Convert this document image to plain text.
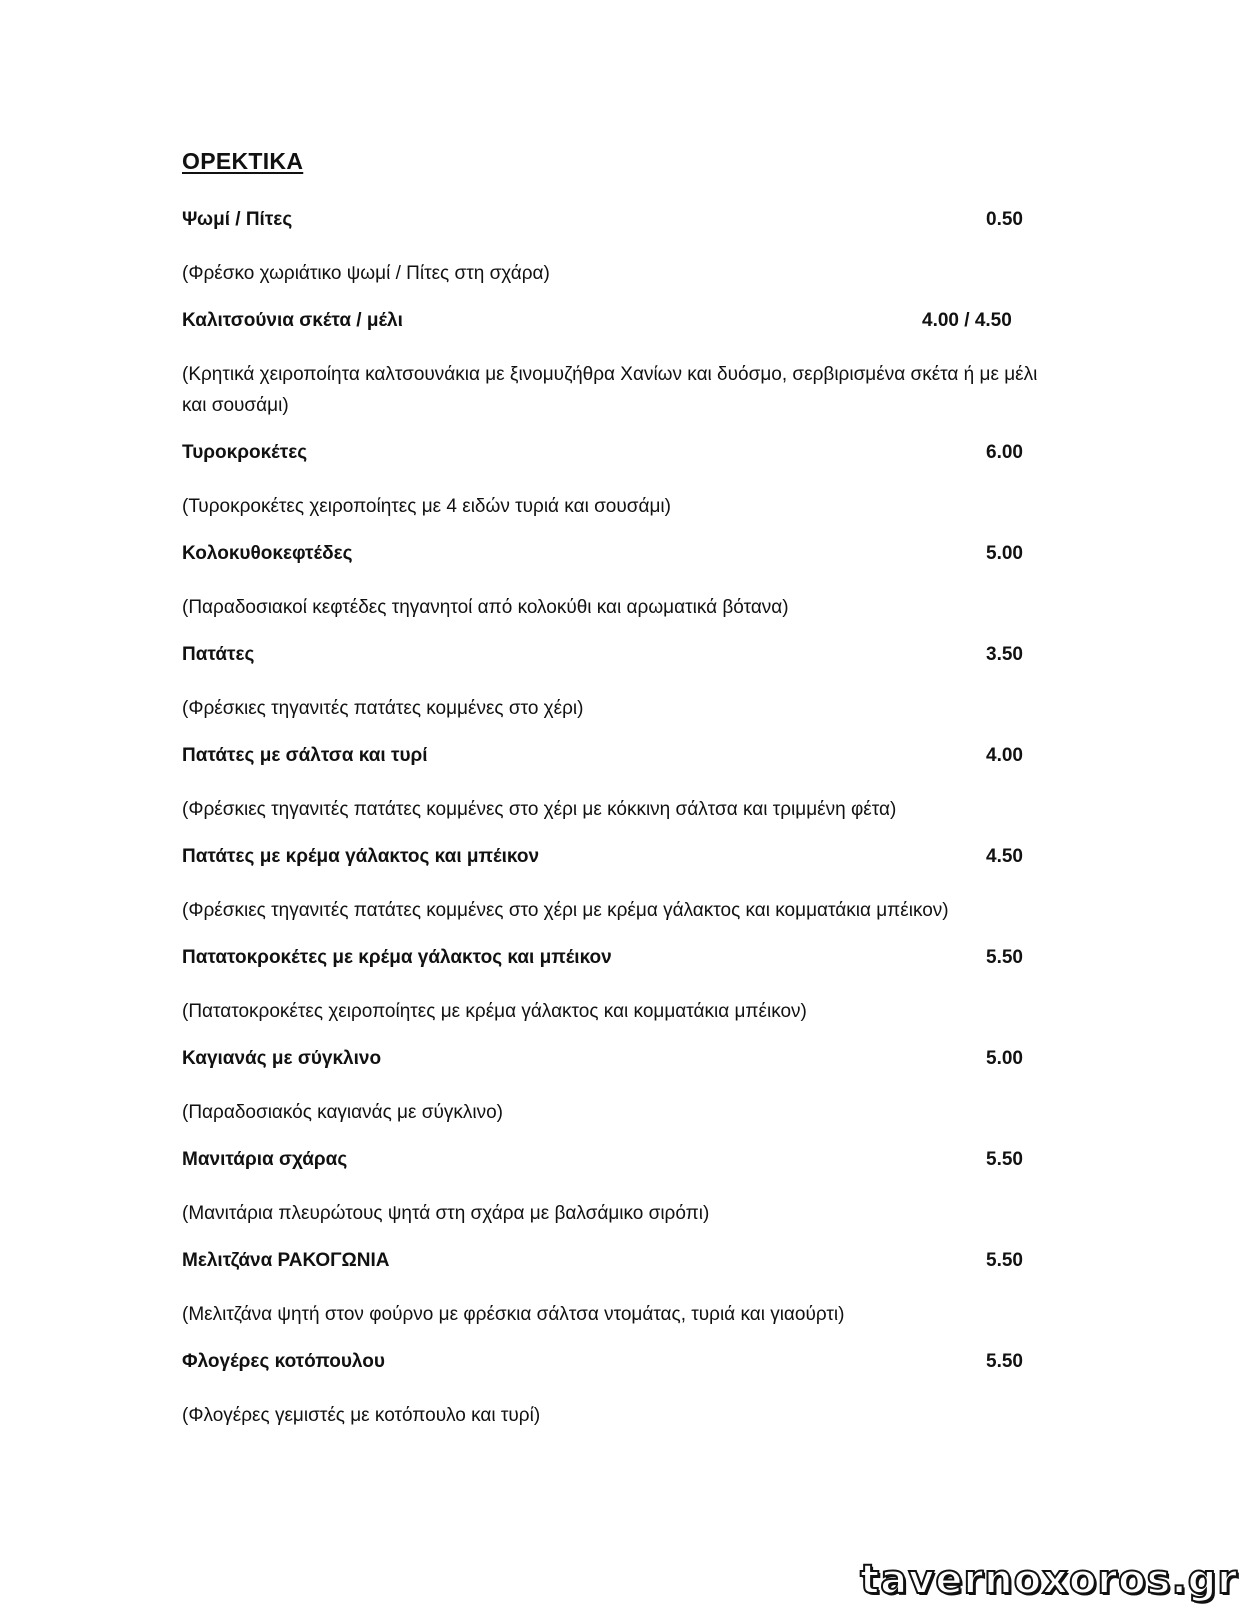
ΟΡΕΚΤΙΚΑ
Ψωμί / Πίτες	0.50
(Φρέσκο χωριάτικο ψωμί / Πίτες στη σχάρα)
Καλιτσούνια σκέτα / μέλι	4.00 / 4.50
(Κρητικά χειροποίητα καλτσουνάκια με ξινομυζήθρα Χανίων και δυόσμο, σερβιρισμένα σκέτα ή με μέλι και σουσάμι)
Τυροκροκέτες	6.00
(Τυροκροκέτες χειροποίητες με 4 ειδών τυριά και σουσάμι)
Κολοκυθοκεφτέδες	5.00
(Παραδοσιακοί κεφτέδες τηγανητοί από κολοκύθι και αρωματικά βότανα)
Πατάτες	3.50
(Φρέσκιες τηγανιτές πατάτες κομμένες στο χέρι)
Πατάτες με σάλτσα και τυρί	4.00
(Φρέσκιες τηγανιτές πατάτες κομμένες στο χέρι με κόκκινη σάλτσα και τριμμένη φέτα)
Πατάτες με κρέμα γάλακτος και μπέικον	4.50
(Φρέσκιες τηγανιτές πατάτες κομμένες στο χέρι με κρέμα γάλακτος και κομματάκια μπέικον)
Πατατοκροκέτες με κρέμα γάλακτος και μπέικον	5.50
(Πατατοκροκέτες χειροποίητες με κρέμα γάλακτος και κομματάκια μπέικον)
Καγιανάς με σύγκλινο	5.00
(Παραδοσιακός καγιανάς με σύγκλινο)
Μανιτάρια σχάρας	5.50
(Μανιτάρια πλευρώτους ψητά στη σχάρα με βαλσάμικο σιρόπι)
Μελιτζάνα ΡΑΚΟΓΩΝΙΑ	5.50
(Μελιτζάνα ψητή στον φούρνο με φρέσκια σάλτσα ντομάτας, τυριά και γιαούρτι)
Φλογέρες κοτόπουλου	5.50
(Φλογέρες γεμιστές με κοτόπουλο και τυρί)
tavernoxoros.gr
